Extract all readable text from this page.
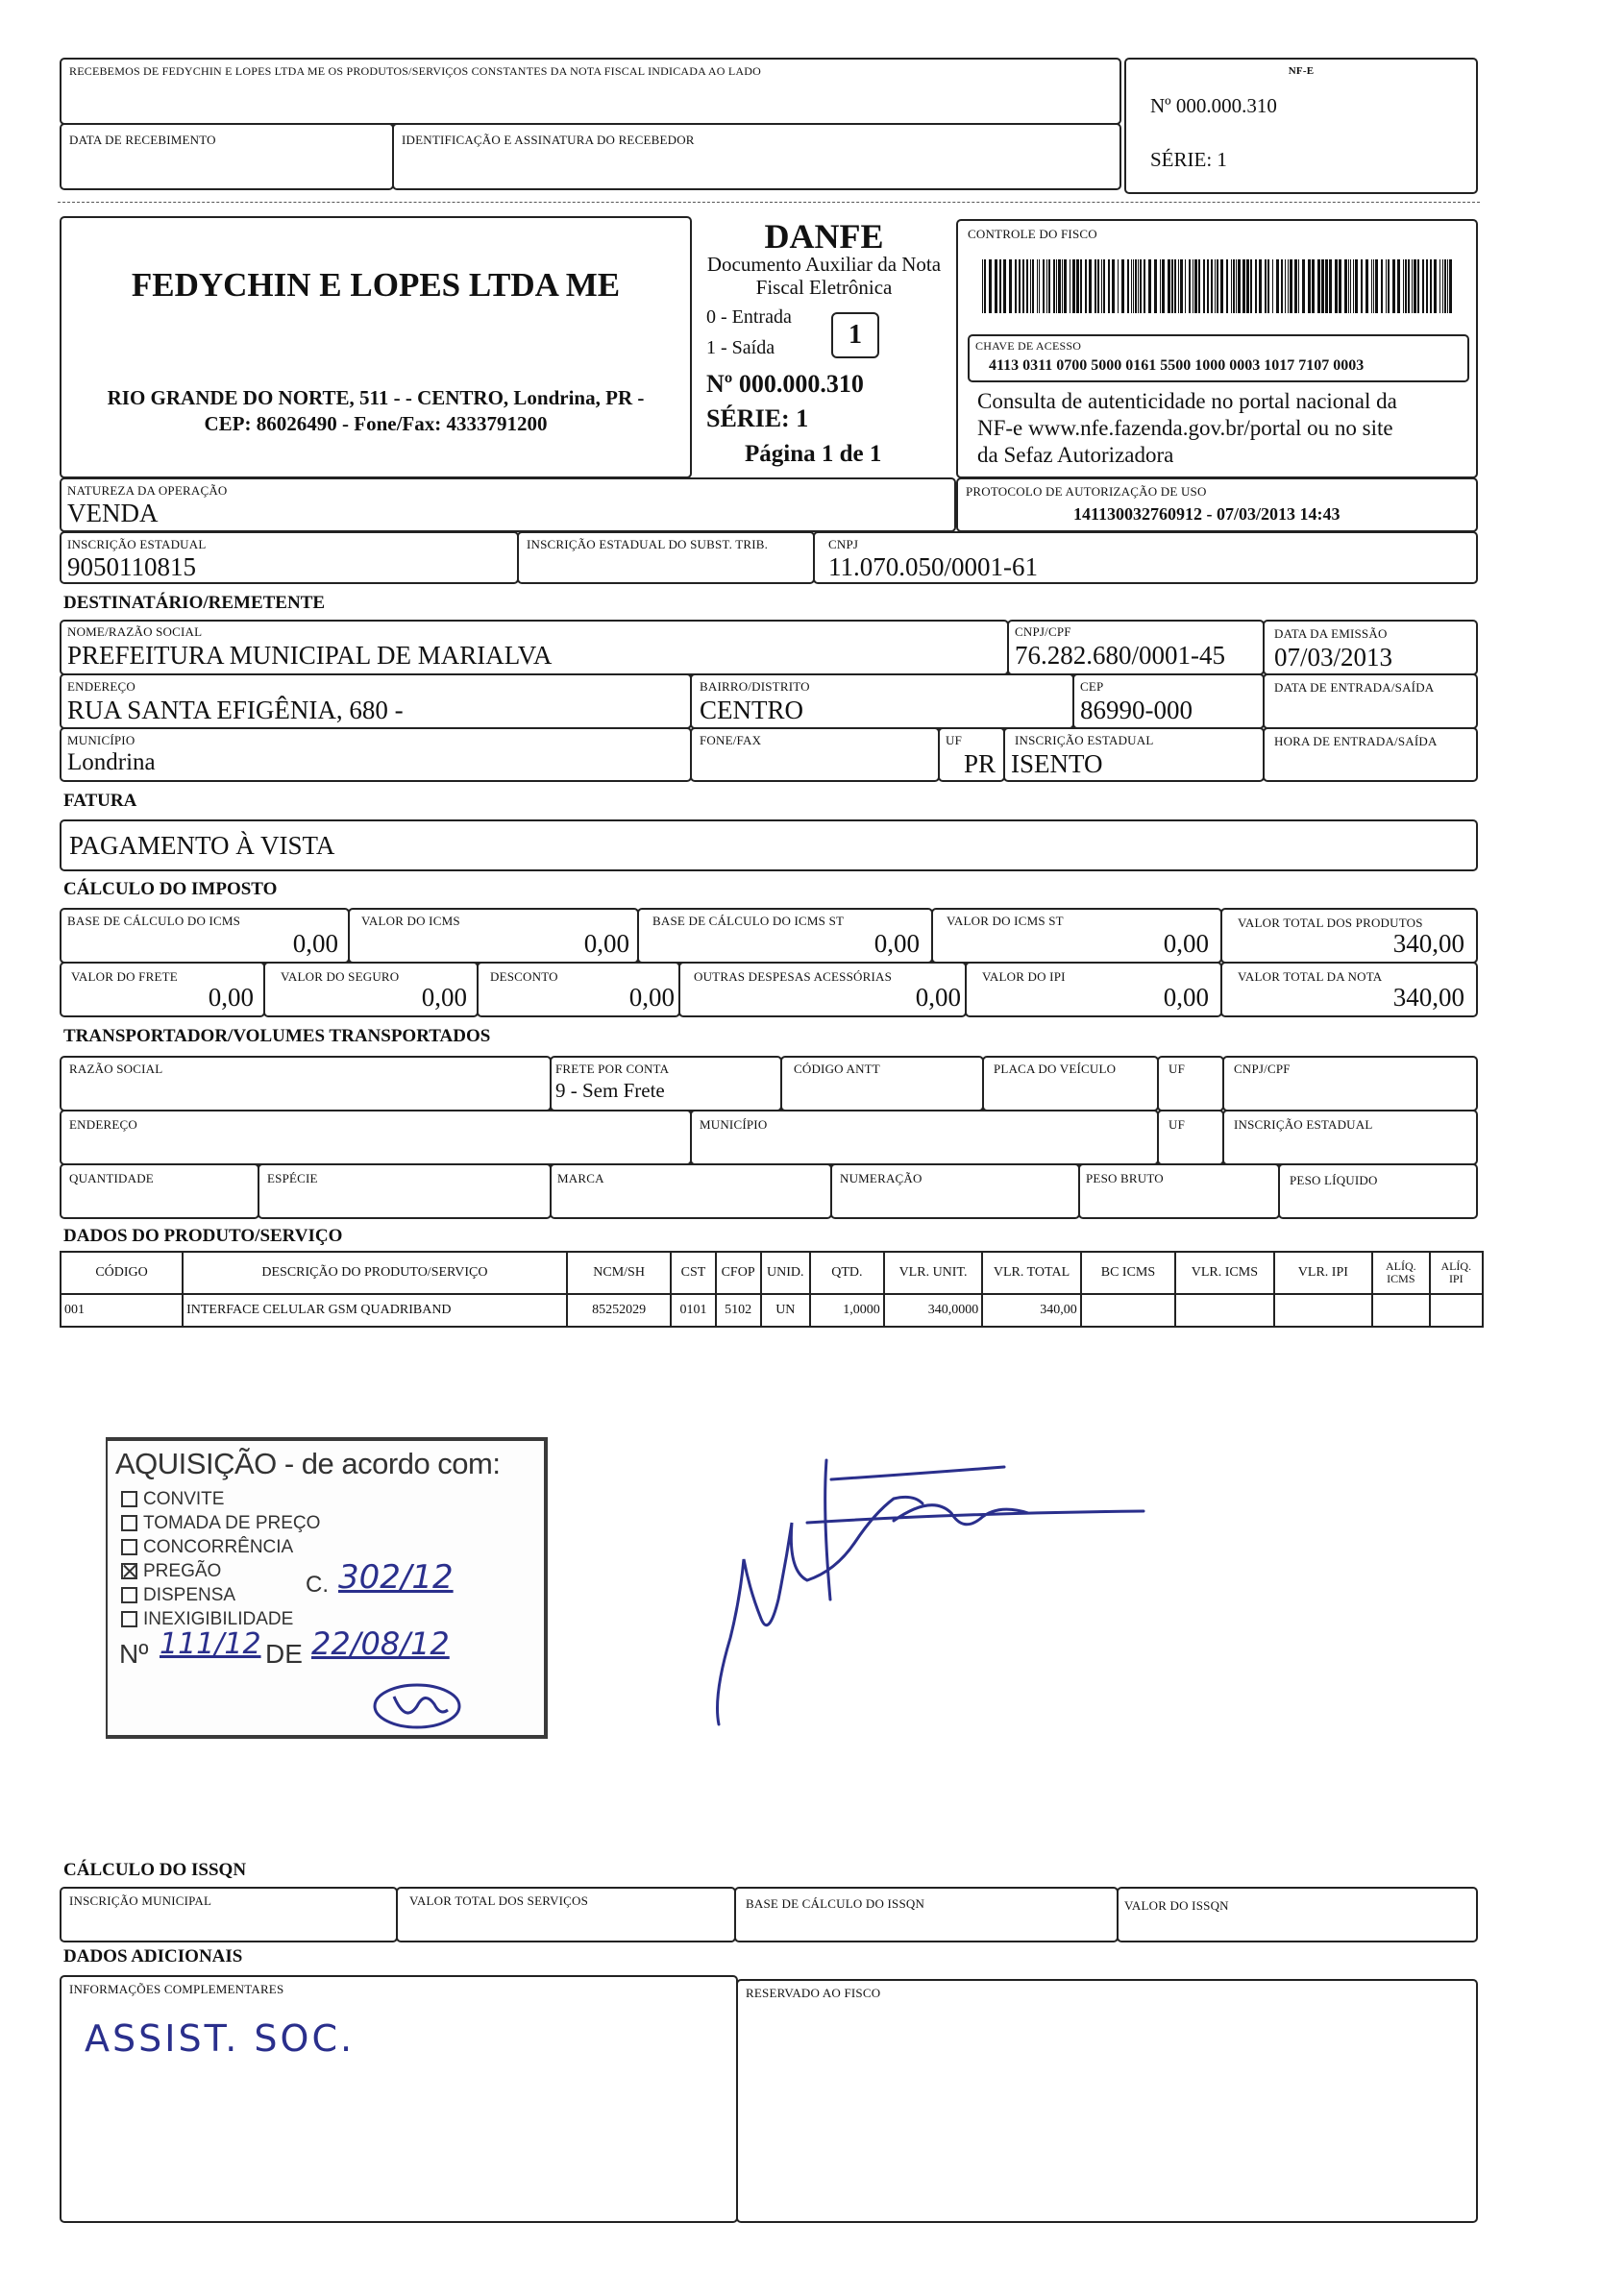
RECEBEMOS DE FEDYCHIN E LOPES LTDA ME OS PRODUTOS/SERVIÇOS CONSTANTES DA NOTA FISCAL INDICADA AO LADO
DATA DE RECEBIMENTO	IDENTIFICAÇÃO E ASSINATURA DO RECEBEDOR
NF-E
Nº 000.000.310
SÉRIE: 1
FEDYCHIN E LOPES LTDA ME
RIO GRANDE DO NORTE, 511 - - CENTRO, Londrina, PR -
CEP: 86026490 - Fone/Fax: 4333791200
DANFE
Documento Auxiliar da Nota
Fiscal Eletrônica
0 - Entrada
1 - Saída	1
Nº 000.000.310
SÉRIE: 1
Página 1 de 1
CONTROLE DO FISCO
CHAVE DE ACESSO
4113 0311 0700 5000 0161 5500 1000 0003 1017 7107 0003
Consulta de autenticidade no portal nacional da
NF-e www.nfe.fazenda.gov.br/portal ou no site
da Sefaz Autorizadora
NATUREZA DA OPERAÇÃO
VENDA
PROTOCOLO DE AUTORIZAÇÃO DE USO
141130032760912 - 07/03/2013 14:43
INSCRIÇÃO ESTADUAL
9050110815
INSCRIÇÃO ESTADUAL DO SUBST. TRIB.	CNPJ
11.070.050/0001-61
DESTINATÁRIO/REMETENTE
NOME/RAZÃO SOCIAL
PREFEITURA MUNICIPAL DE MARIALVA
CNPJ/CPF
76.282.680/0001-45
DATA DA EMISSÃO
07/03/2013
ENDEREÇO
RUA SANTA EFIGÊNIA, 680 -
BAIRRO/DISTRITO
CENTRO
CEP
86990-000
DATA DE ENTRADA/SAÍDA
MUNICÍPIO
Londrina
FONE/FAX	UF
PR
INSCRIÇÃO ESTADUAL
ISENTO
HORA DE ENTRADA/SAÍDA
FATURA
PAGAMENTO À VISTA
CÁLCULO DO IMPOSTO
BASE DE CÁLCULO DO ICMS
0,00
VALOR DO ICMS
0,00
BASE DE CÁLCULO DO ICMS ST
0,00
VALOR DO ICMS ST
0,00
VALOR TOTAL DOS PRODUTOS
340,00
VALOR DO FRETE
0,00
VALOR DO SEGURO
0,00
DESCONTO
0,00
OUTRAS DESPESAS ACESSÓRIAS
0,00
VALOR DO IPI
0,00
VALOR TOTAL DA NOTA
340,00
TRANSPORTADOR/VOLUMES TRANSPORTADOS
RAZÃO SOCIAL	FRETE POR CONTA
9 - Sem Frete
CÓDIGO ANTT	PLACA DO VEÍCULO	UF	CNPJ/CPF
ENDEREÇO	MUNICÍPIO	UF	INSCRIÇÃO ESTADUAL
QUANTIDADE	ESPÉCIE	MARCA	NUMERAÇÃO	PESO BRUTO	PESO LÍQUIDO
DADOS DO PRODUTO/SERVIÇO
CÓDIGO	DESCRIÇÃO DO PRODUTO/SERVIÇO	NCM/SH	CST	CFOP	UNID.	QTD.	VLR. UNIT.	VLR. TOTAL	BC ICMS	VLR. ICMS	VLR. IPI	ALÍQ. ICMS	ALÍQ. IPI
001	INTERFACE CELULAR GSM QUADRIBAND	85252029	0101	5102	UN	1,0000	340,0000	340,00					
AQUISIÇÃO - de acordo com:
CONVITE
TOMADA DE PREÇO
CONCORRÊNCIA
PREGÃO
DISPENSA
INEXIGIBILIDADE
C. 302/12
Nº 111/12 DE 22/08/12
CÁLCULO DO ISSQN
INSCRIÇÃO MUNICIPAL	VALOR TOTAL DOS SERVIÇOS	BASE DE CÁLCULO DO ISSQN	VALOR DO ISSQN
DADOS ADICIONAIS
INFORMAÇÕES COMPLEMENTARES
ASSIST. SOC.
RESERVADO AO FISCO
